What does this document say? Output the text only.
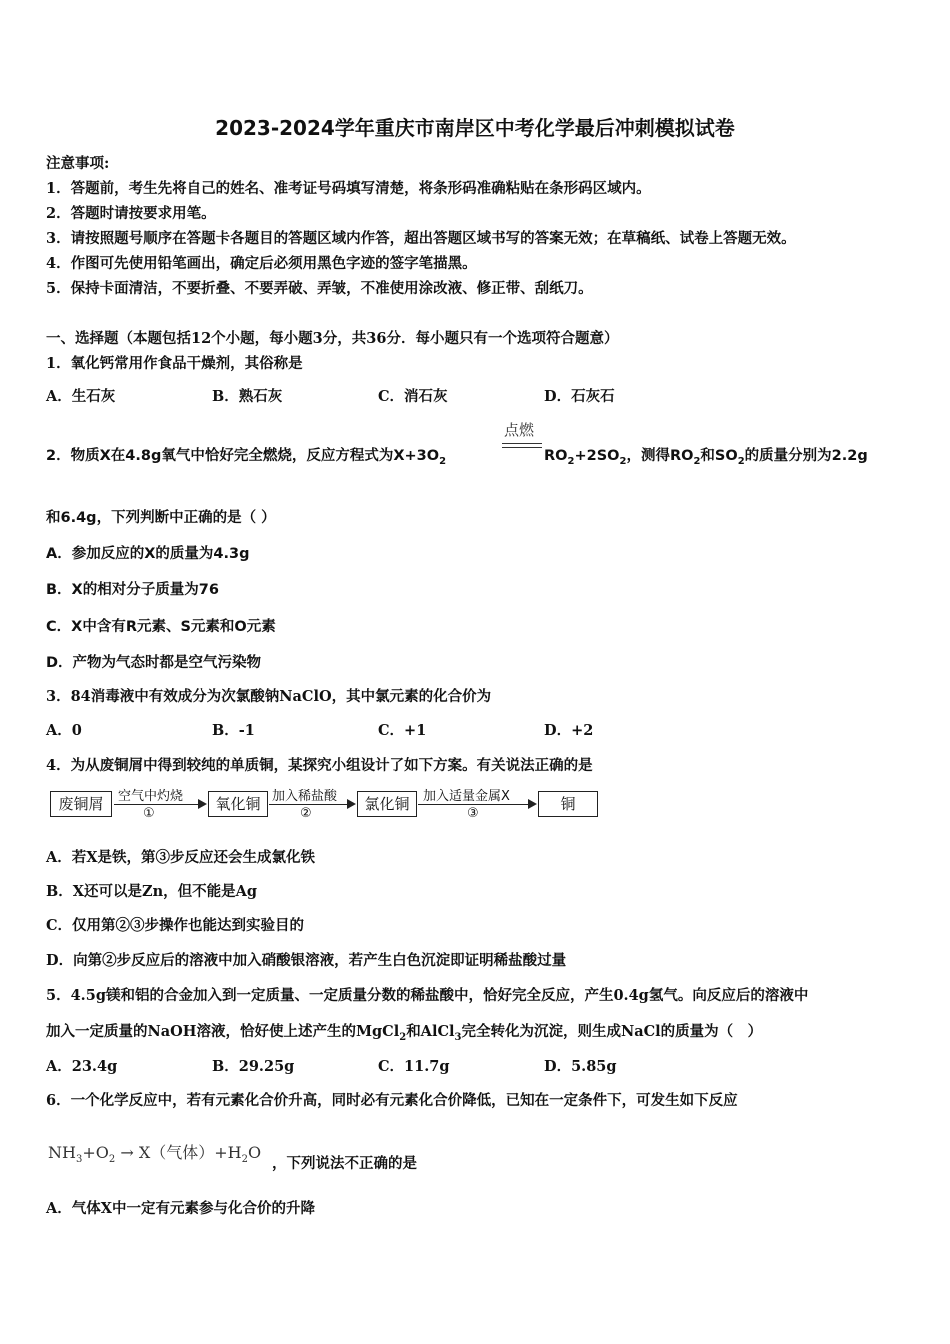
2023-2024学年重庆市南岸区中考化学最后冲刺模拟试卷
注意事项:
1．答题前，考生先将自己的姓名、准考证号码填写清楚，将条形码准确粘贴在条形码区域内。
2．答题时请按要求用笔。
3．请按照题号顺序在答题卡各题目的答题区域内作答，超出答题区域书写的答案无效；在草稿纸、试卷上答题无效。
4．作图可先使用铅笔画出，确定后必须用黑色字迹的签字笔描黑。
5．保持卡面清洁，不要折叠、不要弄破、弄皱，不准使用涂改液、修正带、刮纸刀。
一、选择题（本题包括12个小题，每小题3分，共36分．每小题只有一个选项符合题意）
1．氧化钙常用作食品干燥剂，其俗称是
A．生石灰	B．熟石灰	C．消石灰	D．石灰石
2．物质X在4.8g氧气中恰好完全燃烧，反应方程式为$X+3O_2$
点燃
$RO_2+2SO_2$，测得$RO_2$和$SO_2$的质量分别为2.2g
和6.4g，下列判断中正确的是（ ）
A．参加反应的X的质量为4.3g
B．X的相对分子质量为76
C．X中含有R元素、S元素和O元素
D．产物为气态时都是空气污染物
3．84消毒液中有效成分为次氯酸钠NaClO，其中氯元素的化合价为
A．0	B．-1	C．+1	D．+2
4．为从废铜屑中得到较纯的单质铜，某探究小组设计了如下方案。有关说法正确的是
废铜屑	空气中灼烧
①
氧化铜 加入稀盐酸
②
氯化铜	加入适量金属X
③
铜
A．若X是铁，第③步反应还会生成氯化铁
B．X还可以是Zn，但不能是Ag
C．仅用第②③步操作也能达到实验目的
D．向第②步反应后的溶液中加入硝酸银溶液，若产生白色沉淀即证明稀盐酸过量
5．4.5g镁和铝的合金加入到一定质量、一定质量分数的稀盐酸中，恰好完全反应，产生0.4g氢气。向反应后的溶液中
加入一定质量的NaOH溶液，恰好使上述产生的MgCl$_2$和AlCl$_3$完全转化为沉淀，则生成NaCl的质量为（　）
A．23.4g	B．29.25g	C．11.7g	D．5.85g
6．一个化学反应中，若有元素化合价升高，同时必有元素化合价降低，已知在一定条件下，可发生如下反应
$NH_3+O_2 \to X$（气体）$+H_2O$
，下列说法不正确的是
A．气体X中一定有元素参与化合价的升降
